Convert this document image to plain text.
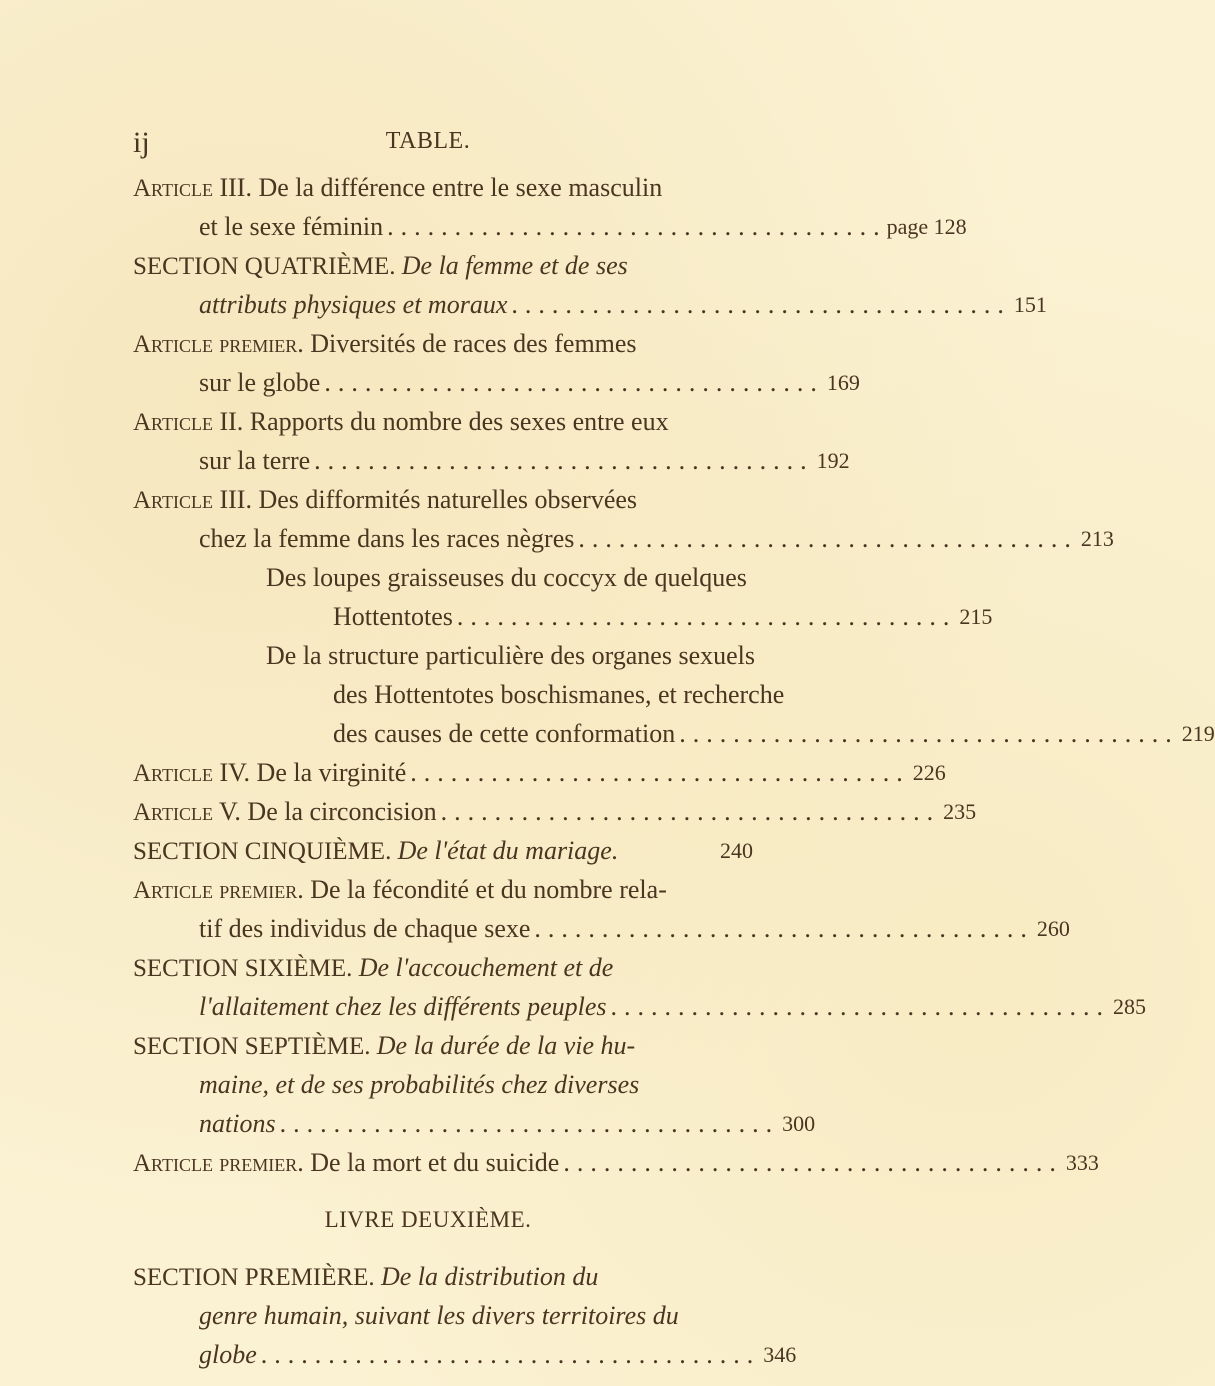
ij	TABLE.
Article III. De la différence entre le sexe masculin
et le sexe féminin ..................................... page 128
SECTION QUATRIÈME. De la femme et de ses
attributs physiques et moraux ..................................... 151
Article premier. Diversités de races des femmes
sur le globe ..................................... 169
Article II. Rapports du nombre des sexes entre eux
sur la terre ..................................... 192
Article III. Des difformités naturelles observées
chez la femme dans les races nègres ..................................... 213
Des loupes graisseuses du coccyx de quelques
Hottentotes ..................................... 215
De la structure particulière des organes sexuels
des Hottentotes boschismanes, et recherche
des causes de cette conformation ..................................... 219
Article IV. De la virginité ..................................... 226
Article V. De la circoncision ..................................... 235
SECTION CINQUIÈME. De l'état du mariage.	240
Article premier. De la fécondité et du nombre rela-
tif des individus de chaque sexe ..................................... 260
SECTION SIXIÈME. De l'accouchement et de
l'allaitement chez les différents peuples ..................................... 285
SECTION SEPTIÈME. De la durée de la vie hu-
maine, et de ses probabilités chez diverses
nations ..................................... 300
Article premier. De la mort et du suicide ..................................... 333
LIVRE DEUXIÈME.
SECTION PREMIÈRE. De la distribution du
genre humain, suivant les divers territoires du
globe ..................................... 346
